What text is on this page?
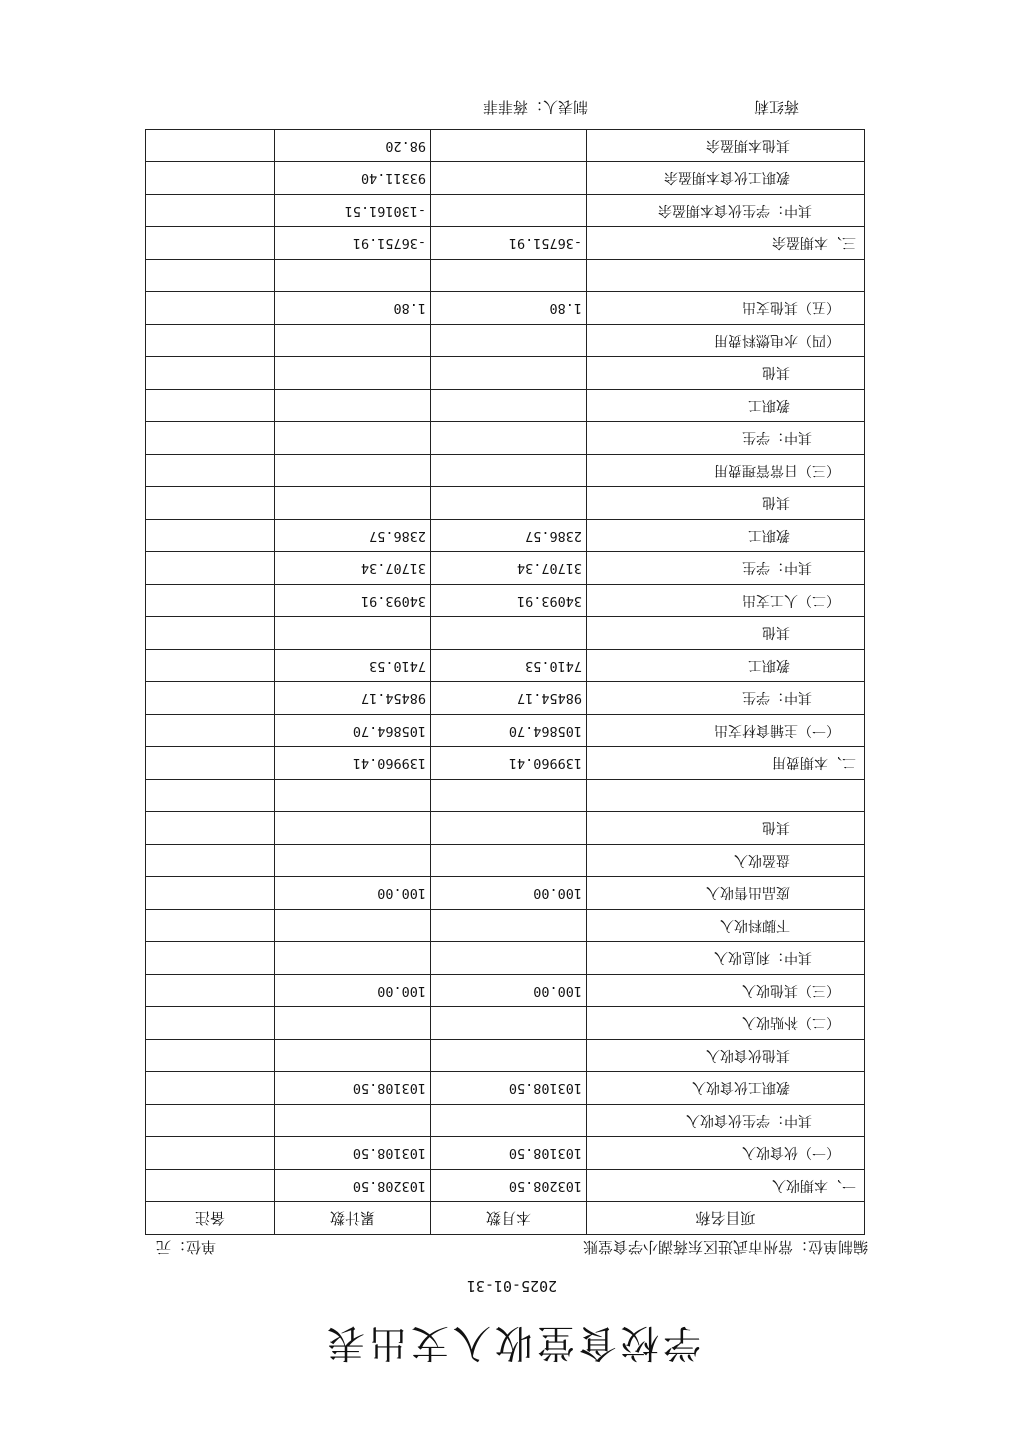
学校食堂收入支出表
2025-01-31
编制单位：常州市武进区东蒋湖小学食堂账
单位：元
项目名称	本月数	累计数	备注
一、本期收入	103208.50	103208.50	
（一）伙食收入	103108.50	103108.50	
其中：学生伙食收入			
教职工伙食收入	103108.50	103108.50	
其他伙食收入			
（二）补贴收入			
（三）其他收入	100.00	100.00	
其中：利息收入			
下脚料收入			
废品出售收入	100.00	100.00	
盘盈收入			
其他			

二、本期费用	139960.41	139960.41	
（一）主辅食材支出	105864.70	105864.70	
其中：学生	98454.17	98454.17	
教职工	7410.53	7410.53	
其他			
（二）人工支出	34093.91	34093.91	
其中：学生	31707.34	31707.34	
教职工	2386.57	2386.57	
其他			
（三）日常管理费用			
其中：学生			
教职工			
其他			
（四）水电燃料费用			
（五）其他支出	1.80	1.80	

三、本期盈余	-36751.91	-36751.91	
其中：学生伙食本期盈余		-130161.51	
教职工伙食本期盈余		93311.40	
其他本期盈余		98.20	
制表人：蒋菲菲	蒋红莉
